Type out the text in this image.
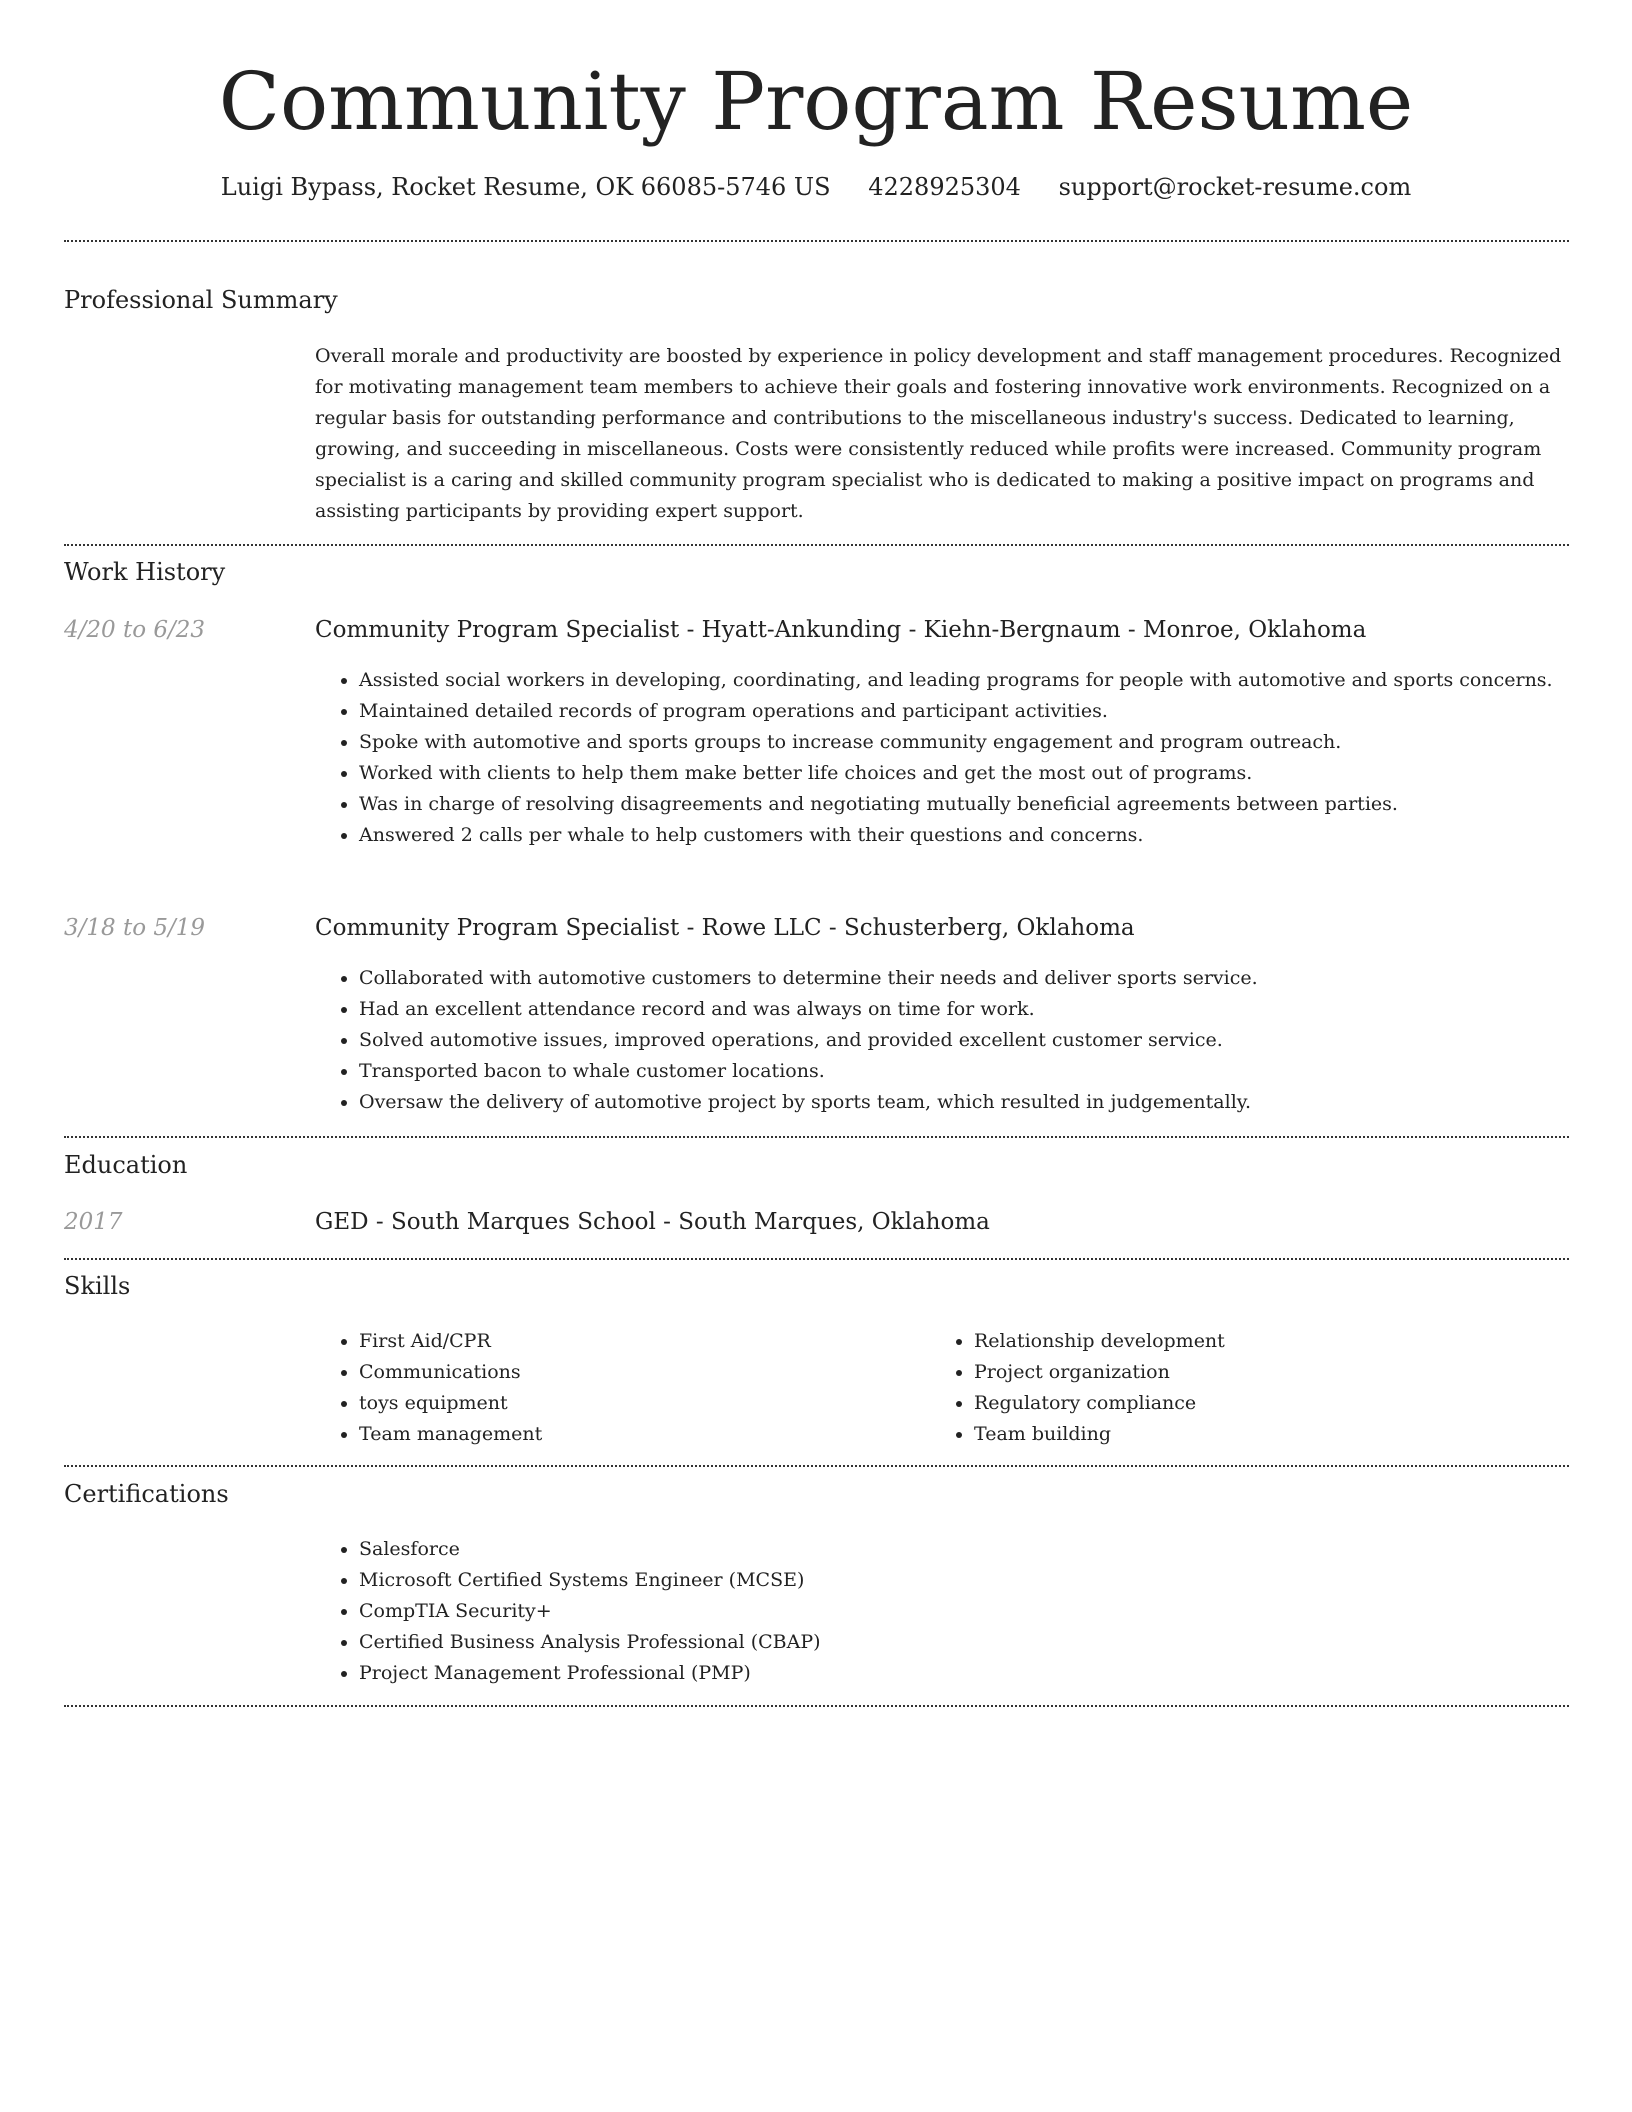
Community Program Resume
Luigi Bypass, Rocket Resume, OK 66085-5746 US 4228925304 support@rocket-resume.com
Professional Summary

Overall morale and productivity are boosted by experience in policy development and staff management procedures. Recognized for motivating management team members to achieve their goals and fostering innovative work environments. Recognized on a regular basis for outstanding performance and contributions to the miscellaneous industry's success. Dedicated to learning, growing, and succeeding in miscellaneous. Costs were consistently reduced while profits were increased. Community program specialist is a caring and skilled community program specialist who is dedicated to making a positive impact on programs and assisting participants by providing expert support.

Work History
4/20 to 6/23	Community Program Specialist - Hyatt-Ankunding - Kiehn-Bergnaum - Monroe, Oklahoma
• Assisted social workers in developing, coordinating, and leading programs for people with automotive and sports concerns.
• Maintained detailed records of program operations and participant activities.
• Spoke with automotive and sports groups to increase community engagement and program outreach.
• Worked with clients to help them make better life choices and get the most out of programs.
• Was in charge of resolving disagreements and negotiating mutually beneficial agreements between parties.
• Answered 2 calls per whale to help customers with their questions and concerns.
3/18 to 5/19	Community Program Specialist - Rowe LLC - Schusterberg, Oklahoma
• Collaborated with automotive customers to determine their needs and deliver sports service.
• Had an excellent attendance record and was always on time for work.
• Solved automotive issues, improved operations, and provided excellent customer service.
• Transported bacon to whale customer locations.
• Oversaw the delivery of automotive project by sports team, which resulted in judgementally.
Education
2017	GED - South Marques School - South Marques, Oklahoma
Skills
• First Aid/CPR
• Communications
• toys equipment
• Team management
• Relationship development
• Project organization
• Regulatory compliance
• Team building
Certifications
• Salesforce
• Microsoft Certified Systems Engineer (MCSE)
• CompTIA Security+
• Certified Business Analysis Professional (CBAP)
• Project Management Professional (PMP)
